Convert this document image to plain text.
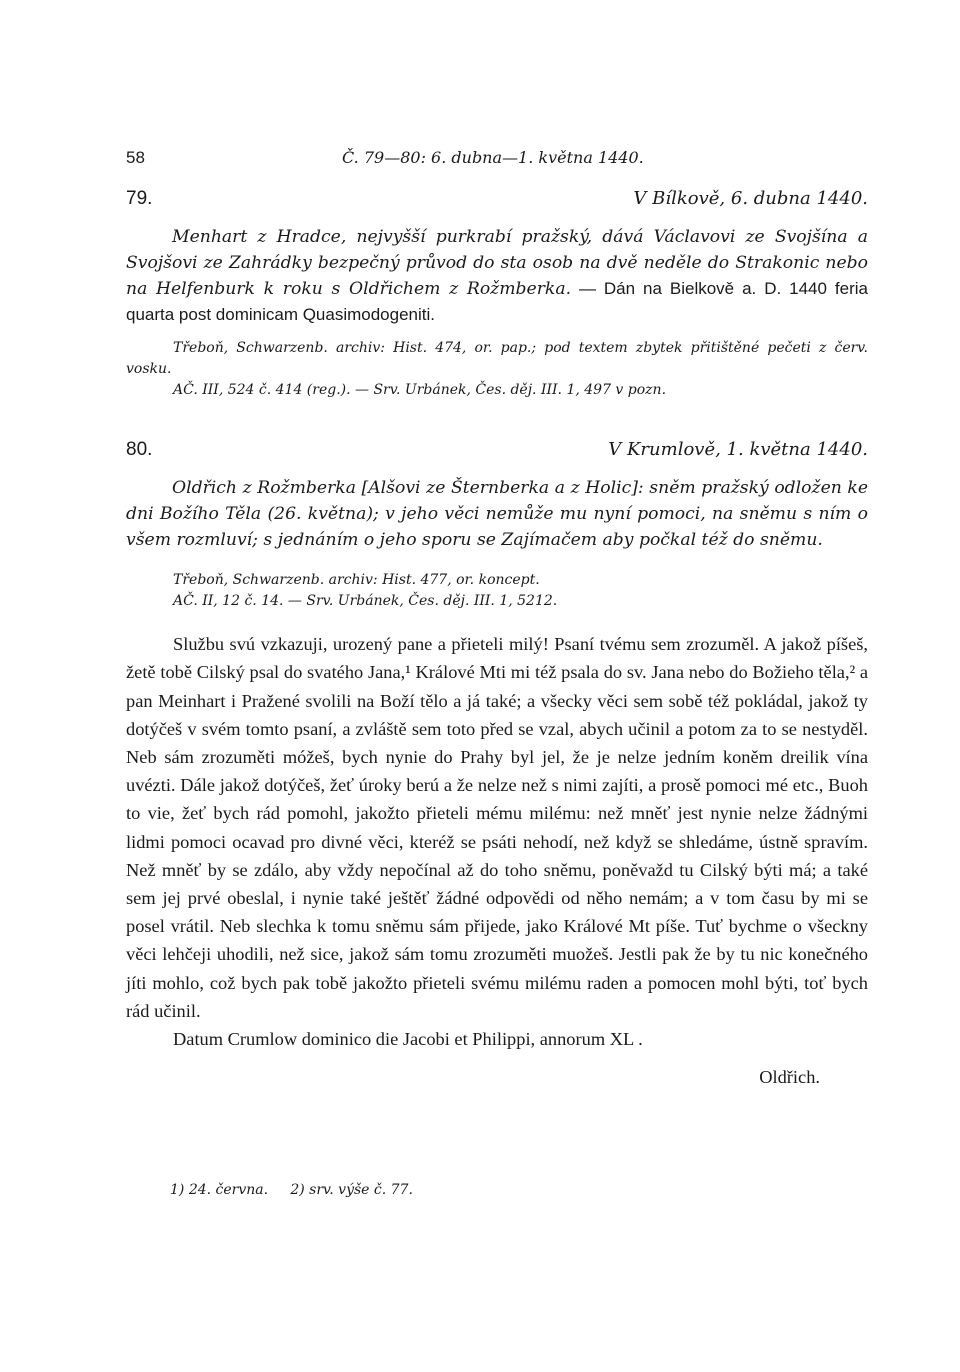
58	Č. 79—80: 6. dubna—1. května 1440.
79.	V Bílkově, 6. dubna 1440.

Menhart z Hradce, nejvyšší purkrabí pražský, dává Václavovi ze Svojšína a Svojšovi ze Zahrádky bezpečný průvod do sta osob na dvě neděle do Strakonic nebo na Helfenburk k roku s Oldřichem z Rožmberka. — Dán na Bielkově a. D. 1440 feria quarta post dominicam Quasimodogeniti.

Třeboň, Schwarzenb. archiv: Hist. 474, or. pap.; pod textem zbytek přitištěné pečeti z červ. vosku.

AČ. III, 524 č. 414 (reg.). — Srv. Urbánek, Čes. děj. III. 1, 497 v pozn.

80.	V Krumlově, 1. května 1440.

Oldřich z Rožmberka [Alšovi ze Šternberka a z Holic]: sněm pražský odložen ke dni Božího Těla (26. května); v jeho věci nemůže mu nyní pomoci, na sněmu s ním o všem rozmluví; s jednáním o jeho sporu se Zajímačem aby počkal též do sněmu.

Třeboň, Schwarzenb. archiv: Hist. 477, or. koncept.

AČ. II, 12 č. 14. — Srv. Urbánek, Čes. děj. III. 1, 5212.

Službu svú vzkazuji, urozený pane a přieteli milý! Psaní tvému sem zrozuměl. A jakož píšeš, žetě tobě Cilský psal do svatého Jana,¹ Králové Mti mi též psala do sv. Jana nebo do Božieho těla,² a pan Meinhart i Pražené svolili na Boží tělo a já také; a všecky věci sem sobě též pokládal, jakož ty dotýčeš v svém tomto psaní, a zvláště sem toto před se vzal, abych učinil a potom za to se nestyděl. Neb sám zrozuměti móžeš, bych nynie do Prahy byl jel, že je nelze jedním koněm dreilik vína uvézti. Dále jakož dotýčeš, žeť úroky berú a že nelze než s nimi zajíti, a prosě pomoci mé etc., Buoh to vie, žeť bych rád pomohl, jakožto přieteli mému milému: než mněť jest nynie nelze žádnými lidmi pomoci ocavad pro divné věci, kteréž se psáti nehodí, než když se shledáme, ústně spravím. Než mněť by se zdálo, aby vždy nepočínal až do toho sněmu, poněvažd tu Cilský býti má; a také sem jej prvé obeslal, i nynie také ještěť žádné odpovědi od něho nemám; a v tom času by mi se posel vrátil. Neb slechka k tomu sněmu sám přijede, jako Králové Mt píše. Tuť bychme o všeckny věci lehčeji uhodili, než sice, jakož sám tomu zrozuměti muožeš. Jestli pak že by tu nic konečného jíti mohlo, což bych pak tobě jakožto přieteli svému milému raden a pomocen mohl býti, toť bych rád učinil.

Datum Crumlow dominico die Jacobi et Philippi, annorum XL .

Oldřich.
1) 24. června.     2) srv. výše č. 77.
